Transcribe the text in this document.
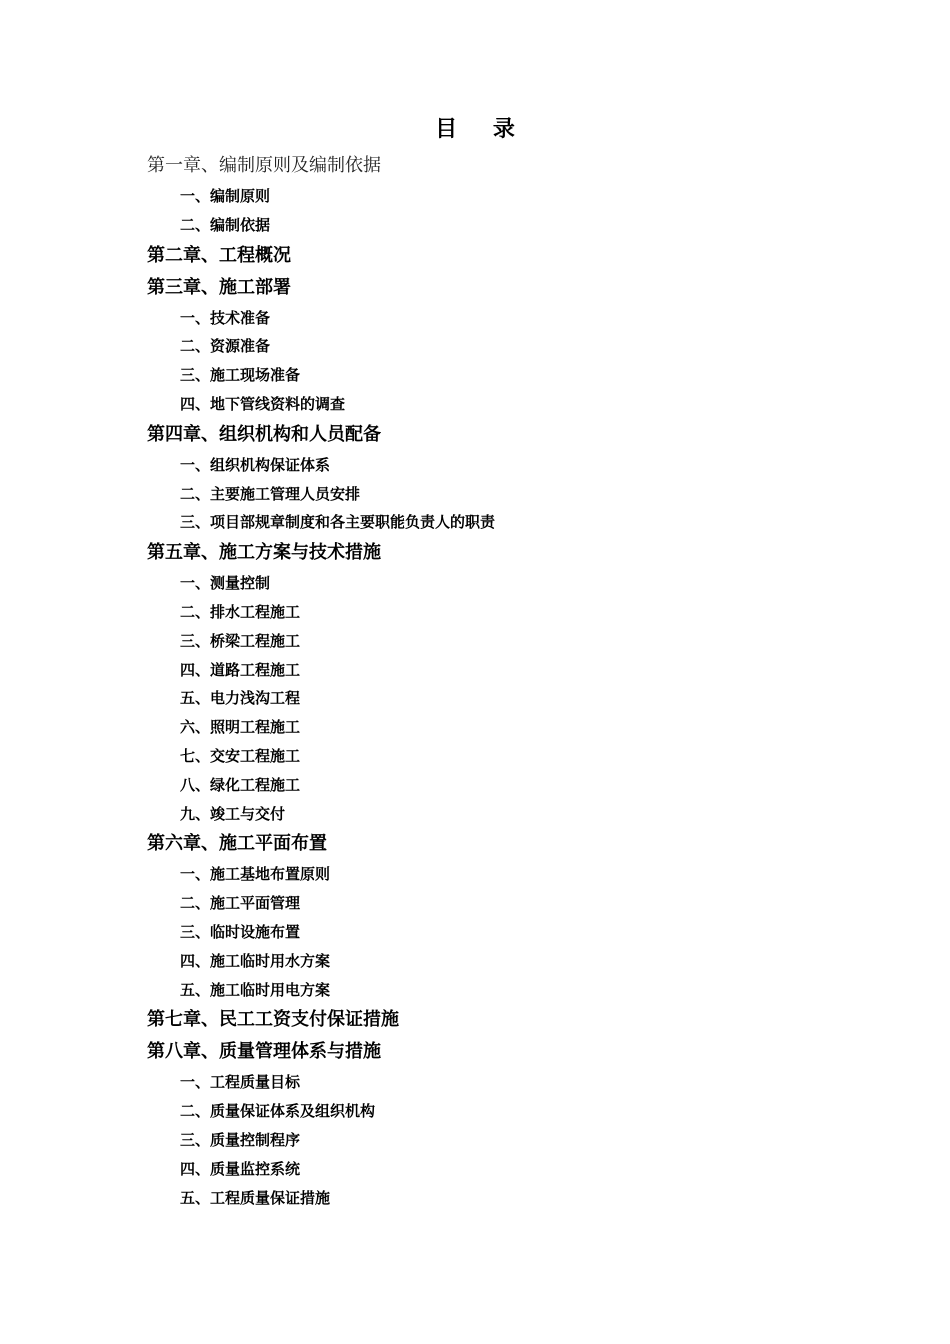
目 录
第一章、编制原则及编制依据
一、编制原则
二、编制依据
第二章、工程概况
第三章、施工部署
一、技术准备
二、资源准备
三、施工现场准备
四、地下管线资料的调查
第四章、组织机构和人员配备
一、组织机构保证体系
二、主要施工管理人员安排
三、项目部规章制度和各主要职能负责人的职责
第五章、施工方案与技术措施
一、测量控制
二、排水工程施工
三、桥梁工程施工
四、道路工程施工
五、电力浅沟工程
六、照明工程施工
七、交安工程施工
八、绿化工程施工
九、竣工与交付
第六章、施工平面布置
一、施工基地布置原则
二、施工平面管理
三、临时设施布置
四、施工临时用水方案
五、施工临时用电方案
第七章、民工工资支付保证措施
第八章、质量管理体系与措施
一、工程质量目标
二、质量保证体系及组织机构
三、质量控制程序
四、质量监控系统
五、工程质量保证措施
